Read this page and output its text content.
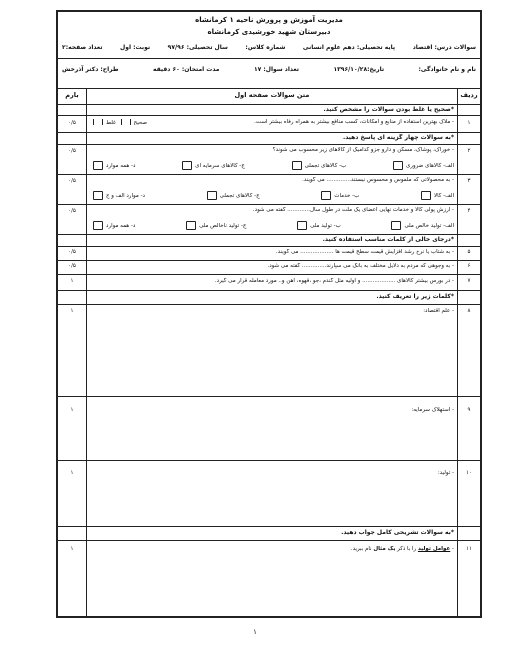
مدیریت آموزش و پرورش ناحیه ۱ کرمانشاه
دبیرستان شهید خورشیدی کرمانشاه
سوالات درس: اقتصاد
پایه تحصیلی: دهم علوم انسانی
شماره کلاس:
سال تحصیلی: ۹۷/۹۶
نوبت: اول
تعداد صفحه:۲
نام و نام خانوادگی:
تاریخ:۱۳۹۶/۱۰/۲۸
تعداد سوال: ۱۷
مدت امتحان: ۶۰ دقیقه
طراح: دکتر آذرخش
ردیف
متن سوالات صفحه اول
بارم
*صحیح یا غلط بودن سوالات را مشخص کنید.
۱
- ملاک بهترین استفاده از منابع و امکانات، کسب منافع بیشتر به همراه رفاه بیشتر است.
صحیح غلط
۰/۵
*به سوالات چهار گزینه ای پاسخ دهید.
۲
- خوراک، پوشاک، مسکن و دارو جزو کدامیک از کالاهای زیر محسوب می شوند؟
الف- کالاهای ضروری
ب- کالاهای تجملی
ج- کالاهای سرمایه ای
د- همه موارد
۰/۵
۳
- به محصولاتی که ملموس و محسوس نیستند.............. می گویند.
الف- کالا
ب- خدمات
ج- کالاهای تجملی
د- موارد الف و ج
۰/۵
۴
- ارزش پولی کالا و خدمات نهایی اعضای یک ملت در طول سال............. گفته می شود.
الف- تولید خالص ملی
ب- تولید ملی
ج- تولید ناخالص ملی
د- همه موارد
۰/۵
*درجای خالی از کلمات مناسب استفاده کنید.
۵
- به شتاب یا نرخ رشد افزایش قیمت سطح قیمت ها ................... می گویند.
۰/۵
۶
- به وجوهی که مردم به دلایل مختلف به بانک می سپارند.............. گفته می شود.
۰/۵
۷
- در بورس بیشتر کالاهای ................... و اولیه مثل گندم ،جو ،قهوه، آهن و.. مورد معامله قرار می گیرد.
۱
*کلمات زیر را تعریف کنید.
۸
- علم اقتصاد:
۱
۹
- استهلاک سرمایه:
۱
۱۰
- تولید:
۱
*به سوالات تشریحی کامل جواب دهید.
۱۱
- عوامل تولید را با ذکر یک مثال نام ببرید.
۱
۱
